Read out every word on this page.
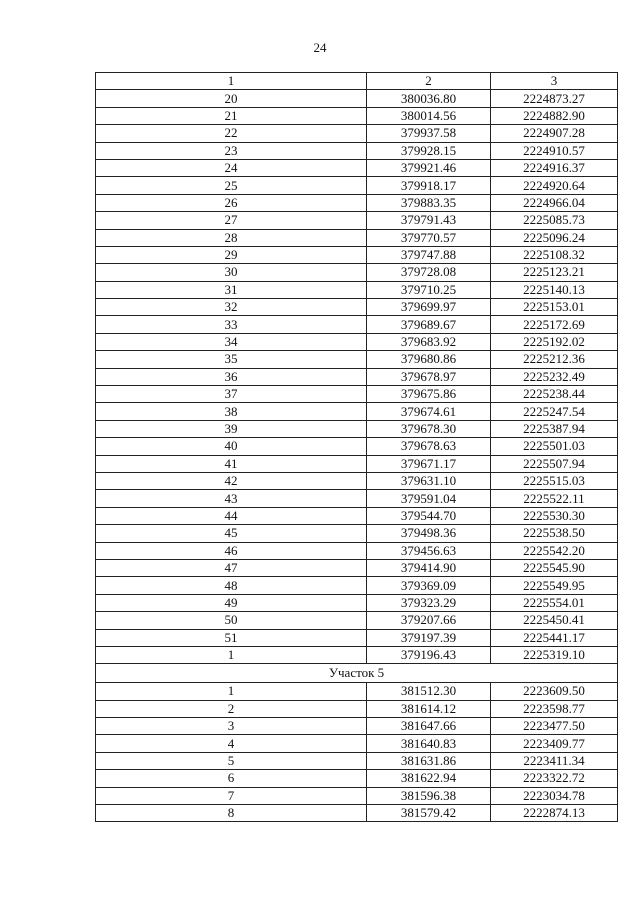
24
1	2	3
20	380036.80	2224873.27
21	380014.56	2224882.90
22	379937.58	2224907.28
23	379928.15	2224910.57
24	379921.46	2224916.37
25	379918.17	2224920.64
26	379883.35	2224966.04
27	379791.43	2225085.73
28	379770.57	2225096.24
29	379747.88	2225108.32
30	379728.08	2225123.21
31	379710.25	2225140.13
32	379699.97	2225153.01
33	379689.67	2225172.69
34	379683.92	2225192.02
35	379680.86	2225212.36
36	379678.97	2225232.49
37	379675.86	2225238.44
38	379674.61	2225247.54
39	379678.30	2225387.94
40	379678.63	2225501.03
41	379671.17	2225507.94
42	379631.10	2225515.03
43	379591.04	2225522.11
44	379544.70	2225530.30
45	379498.36	2225538.50
46	379456.63	2225542.20
47	379414.90	2225545.90
48	379369.09	2225549.95
49	379323.29	2225554.01
50	379207.66	2225450.41
51	379197.39	2225441.17
1	379196.43	2225319.10
Участок 5		
1	381512.30	2223609.50
2	381614.12	2223598.77
3	381647.66	2223477.50
4	381640.83	2223409.77
5	381631.86	2223411.34
6	381622.94	2223322.72
7	381596.38	2223034.78
8	381579.42	2222874.13
